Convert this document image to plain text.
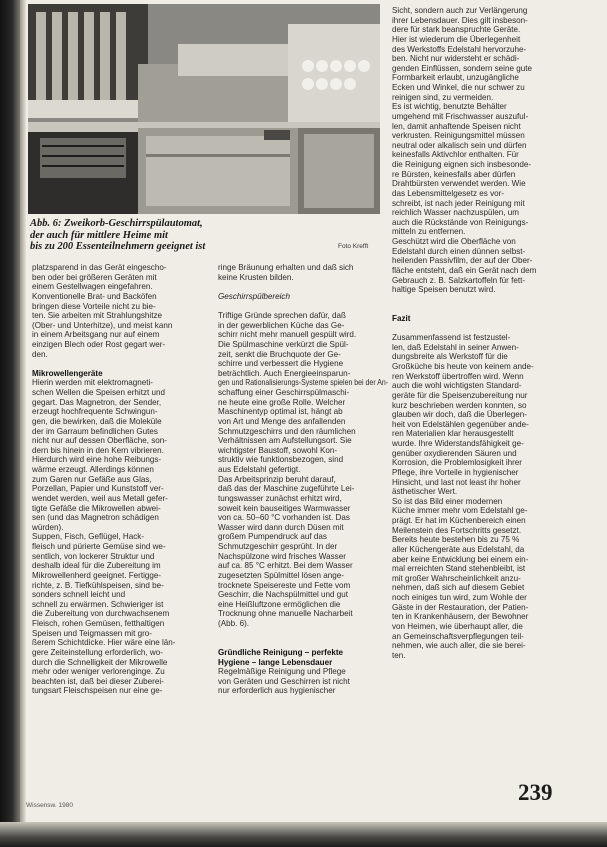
Abb. 6: Zweikorb-Geschirrspülautomat,
der auch für mittlere Heime mit
bis zu 200 Essenteilnehmern geeignet ist	Foto Krefft

platzsparend in das Gerät eingescho-

ben oder bei größeren Geräten mit

einem Gestellwagen eingefahren.

Konventionelle Brat- und Backöfen

bringen diese Vorteile nicht zu bie-

ten. Sie arbeiten mit Strahlungshitze

(Ober- und Unterhitze), und meist kann

in einem Arbeitsgang nur auf einem

einzigen Blech oder Rost gegart wer-

den.

Mikrowellengeräte

Hierin werden mit elektromagneti-

schen Wellen die Speisen erhitzt und

gegart. Das Magnetron, der Sender,

erzeugt hochfrequente Schwingun-

gen, die bewirken, daß die Moleküle

der im Garraum befindlichen Gutes

nicht nur auf dessen Oberfläche, son-

dern bis hinein in den Kern vibrieren.

Hierdurch wird eine hohe Reibungs-

wärme erzeugt. Allerdings können

zum Garen nur Gefäße aus Glas,

Porzellan, Papier und Kunststoff ver-

wendet werden, weil aus Metall gefer-

tigte Gefäße die Mikrowellen abwei-

sen (und das Magnetron schädigen

würden).

Suppen, Fisch, Geflügel, Hack-

fleisch und pürierte Gemüse sind we-

sentlich, von lockerer Struktur und

deshalb ideal für die Zubereitung im

Mikrowellenherd geeignet. Fertigge-

richte, z. B. Tiefkühlspeisen, sind be-

sonders schnell leicht und

schnell zu erwärmen. Schwieriger ist

die Zubereitung von durchwachsenem

Fleisch, rohen Gemüsen, fetthaltigen

Speisen und Teigmassen mit gro-

ßerem Schichtdicke. Hier wäre eine län-

gere Zeiteinstellung erforderlich, wo-

durch die Schnelligkeit der Mikrowelle

mehr oder weniger verlorenginge. Zu

beachten ist, daß bei dieser Zuberei-

tungsart Fleischspeisen nur eine ge-

ringe Bräunung erhalten und daß sich

keine Krusten bilden.

Geschirrspülbereich

Triftige Gründe sprechen dafür, daß

in der gewerblichen Küche das Ge-

schirr nicht mehr manuell gespült wird.

Die Spülmaschine verkürzt die Spül-

zeit, senkt die Bruchquote der Ge-

schirre und verbessert die Hygiene

beträchtlich. Auch Energieeinsparun-

gen und Rationalisierungs-Systeme spielen bei der An-

schaffung einer Geschirrspülmaschi-

ne heute eine große Rolle. Welcher

Maschinentyp optimal ist, hängt ab

von Art und Menge des anfallenden

Schmutzgeschirrs und den räumlichen

Verhältnissen am Aufstellungsort. Sie

wichtigster Baustoff, sowohl Kon-

struktiv wie funktionsbezogen, sind

aus Edelstahl gefertigt.

Das Arbeitsprinzip beruht darauf,

daß das der Maschine zugeführte Lei-

tungswasser zunächst erhitzt wird,

soweit kein bauseitiges Warmwasser

von ca. 50–60 °C vorhanden ist. Das

Wasser wird dann durch Düsen mit

großem Pumpendruck auf das

Schmutzgeschirr gesprüht. In der

Nachspülzone wird frisches Wasser

auf ca. 85 °C erhitzt. Bei dem Wasser

zugesetzten Spülmittel lösen ange-

trocknete Speisereste und Fette vom

Geschirr, die Nachspülmittel und gut

eine Heißluftzone ermöglichen die

Trocknung ohne manuelle Nacharbeit

(Abb. 6).

Gründliche Reinigung – perfekte

Hygiene – lange Lebensdauer

Regelmäßige Reinigung und Pflege

von Geräten und Geschirren ist nicht

nur erforderlich aus hygienischer

Sicht, sondern auch zur Verlängerung

ihrer Lebensdauer. Dies gilt insbeson-

dere für stark beanspruchte Geräte.

Hier ist wiederum die Überlegenheit

des Werkstoffs Edelstahl hervorzuhe-

ben. Nicht nur widersteht er schädi-

genden Einflüssen, sondern seine gute

Formbarkeit erlaubt, unzugängliche

Ecken und Winkel, die nur schwer zu

reinigen sind, zu vermeiden.

Es ist wichtig, benutzte Behälter

umgehend mit Frischwasser auszuful-

len, damit anhaftende Speisen nicht

verkrusten. Reinigungsmittel müssen

neutral oder alkalisch sein und dürfen

keinesfalls Aktivchlor enthalten. Für

die Reinigung eignen sich insbesonde-

re Bürsten, keinesfalls aber dürfen

Drahtbürsten verwendet werden. Wie

das Lebensmittelgesetz es vor-

schreibt, ist nach jeder Reinigung mit

reichlich Wasser nachzuspülen, um

auch die Rückstände von Reinigungs-

mitteln zu entfernen.

Geschützt wird die Oberfläche von

Edelstahl durch einen dünnen selbst-

heilenden Passivfilm, der auf der Ober-

fläche entsteht, daß ein Gerät nach dem

Gebrauch z. B. Salzkartoffeln für fett-

haltige Speisen benutzt wird.

Fazit

Zusammenfassend ist festzustel-

len, daß Edelstahl in seiner Anwen-

dungsbreite als Werkstoff für die

Großküche bis heute von keinem ande-

ren Werkstoff übertroffen wird. Wenn

auch die wohl wichtigsten Standard-

geräte für die Speisenzubereitung nur

kurz beschrieben werden konnten, so

glauben wir doch, daß die Überlegen-

heit von Edelstählen gegenüber ande-

ren Materialien klar herausgestellt

wurde. Ihre Widerstandsfähigkeit ge-

genüber oxydierenden Säuren und

Korrosion, die Problemlosigkeit ihrer

Pflege, ihre Vorteile in hygienischer

Hinsicht, und last not least ihr hoher

ästhetischer Wert.

So ist das Bild einer modernen

Küche immer mehr vom Edelstahl ge-

prägt. Er hat im Küchenbereich einen

Meilenstein des Fortschritts gesetzt.

Bereits heute bestehen bis zu 75 %

aller Küchengeräte aus Edelstahl, da

aber keine Entwicklung bei einem ein-

mal erreichten Stand stehenbleibt, ist

mit großer Wahrscheinlichkeit anzu-

nehmen, daß sich auf diesem Gebiet

noch einiges tun wird, zum Wohle der

Gäste in der Restauration, der Patien-

ten in Krankenhäusern, der Bewohner

von Heimen, wie überhaupt aller, die

an Gemeinschaftsverpflegungen teil-

nehmen, wie auch aller, die sie berei-

ten.

239
Wissensw. 1980
